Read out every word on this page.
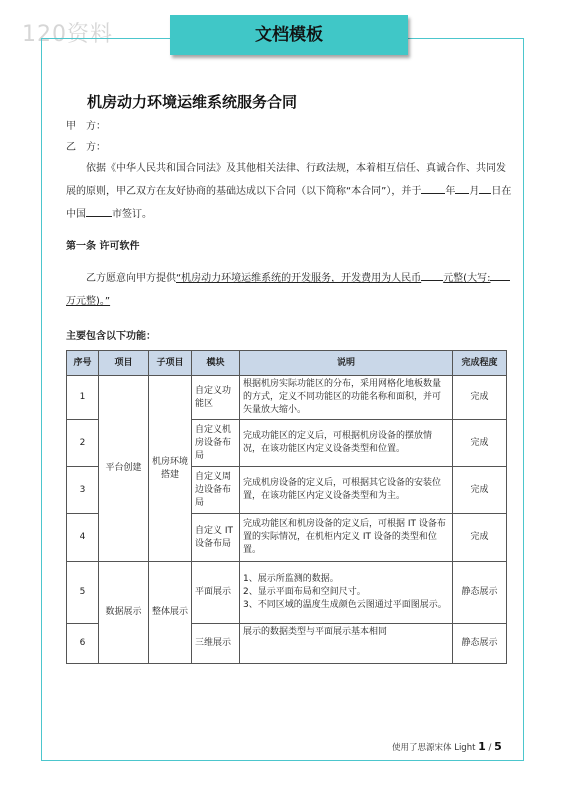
120资料	文档模板
机房动力环境运维系统服务合同
甲　方：
乙　方：
依据《中华人民共和国合同法》及其他相关法律、行政法规，本着相互信任、真诚合作、共同发
展的原则，甲乙双方在友好协商的基础达成以下合同（以下简称“本合同”），并于 年 月 日在
中国	市签订。
第一条 许可软件
乙方愿意向甲方提供“机房动力环境运维系统的开发服务，开发费用为人民币 元整(大写:
万元整)。”
主要包含以下功能：
序号	项目	子项目	模块	说明	完成程度
1	平台创建	机房环境搭建	自定义功能区	根据机房实际功能区的分布，采用网格化地板数量的方式，定义不同功能区的功能名称和面积，并可矢量放大缩小。	完成
2			自定义机房设备布局	完成功能区的定义后，可根据机房设备的摆放情况，在该功能区内定义设备类型和位置。	完成
3			自定义周边设备布局	完成机房设备的定义后，可根据其它设备的安装位置，在该功能区内定义设备类型和为主。	完成
4			自定义 IT 设备布局	完成功能区和机房设备的定义后，可根据 IT 设备布置的实际情况，在机柜内定义 IT 设备的类型和位置。	完成
5	数据展示	整体展示	平面展示	1、展示所监测的数据。
2、显示平面布局和空间尺寸。
3、不同区域的温度生成颜色云图通过平面图展示。	静态展示
6			三维展示	展示的数据类型与平面展示基本相同	静态展示
使用了思源宋体 Light 1 / 5
